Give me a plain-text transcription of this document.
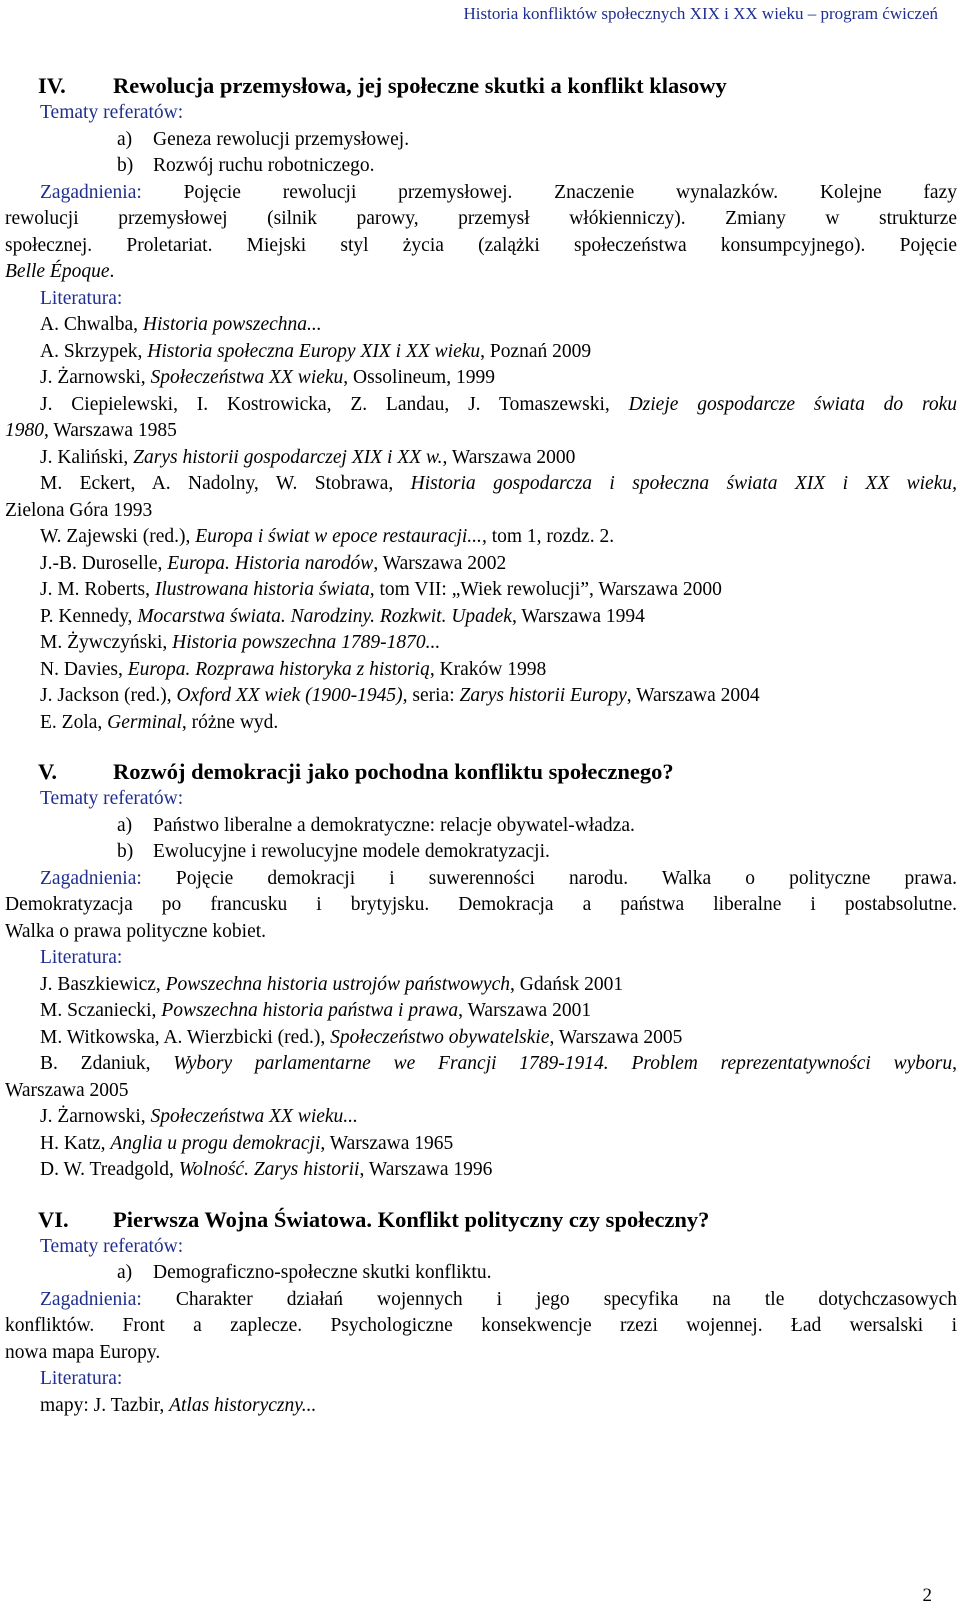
Historia konfliktów społecznych XIX i XX wieku – program ćwiczeń
IV. Rewolucja przemysłowa, jej społeczne skutki a konflikt klasowy
Tematy referatów:
a) Geneza rewolucji przemysłowej.
b) Rozwój ruchu robotniczego.
Zagadnienia: Pojęcie rewolucji przemysłowej. Znaczenie wynalazków. Kolejne fazy
rewolucji przemysłowej (silnik parowy, przemysł włókienniczy). Zmiany w strukturze
społecznej. Proletariat. Miejski styl życia (zalążki społeczeństwa konsumpcyjnego). Pojęcie
Belle Époque.
Literatura:
A. Chwalba, Historia powszechna...
A. Skrzypek, Historia społeczna Europy XIX i XX wieku, Poznań 2009
J. Żarnowski, Społeczeństwa XX wieku, Ossolineum, 1999
J. Ciepielewski, I. Kostrowicka, Z. Landau, J. Tomaszewski, Dzieje gospodarcze świata do roku
1980, Warszawa 1985
J. Kaliński, Zarys historii gospodarczej XIX i XX w., Warszawa 2000
M. Eckert, A. Nadolny, W. Stobrawa, Historia gospodarcza i społeczna świata XIX i XX wieku,
Zielona Góra 1993
W. Zajewski (red.), Europa i świat w epoce restauracji..., tom 1, rozdz. 2.
J.-B. Duroselle, Europa. Historia narodów, Warszawa 2002
J. M. Roberts, Ilustrowana historia świata, tom VII: „Wiek rewolucji”, Warszawa 2000
P. Kennedy, Mocarstwa świata. Narodziny. Rozkwit. Upadek, Warszawa 1994
M. Żywczyński, Historia powszechna 1789-1870...
N. Davies, Europa. Rozprawa historyka z historią, Kraków 1998
J. Jackson (red.), Oxford XX wiek (1900-1945), seria: Zarys historii Europy, Warszawa 2004
E. Zola, Germinal, różne wyd.
V. Rozwój demokracji jako pochodna konfliktu społecznego?
Tematy referatów:
a) Państwo liberalne a demokratyczne: relacje obywatel-władza.
b) Ewolucyjne i rewolucyjne modele demokratyzacji.
Zagadnienia: Pojęcie demokracji i suwerenności narodu. Walka o polityczne prawa.
Demokratyzacja po francusku i brytyjsku. Demokracja a państwa liberalne i postabsolutne.
Walka o prawa polityczne kobiet.
Literatura:
J. Baszkiewicz, Powszechna historia ustrojów państwowych, Gdańsk 2001
M. Sczaniecki, Powszechna historia państwa i prawa, Warszawa 2001
M. Witkowska, A. Wierzbicki (red.), Społeczeństwo obywatelskie, Warszawa 2005
B. Zdaniuk, Wybory parlamentarne we Francji 1789-1914. Problem reprezentatywności wyboru,
Warszawa 2005
J. Żarnowski, Społeczeństwa XX wieku...
H. Katz, Anglia u progu demokracji, Warszawa 1965
D. W. Treadgold, Wolność. Zarys historii, Warszawa 1996
VI. Pierwsza Wojna Światowa. Konflikt polityczny czy społeczny?
Tematy referatów:
a) Demograficzno-społeczne skutki konfliktu.
Zagadnienia: Charakter działań wojennych i jego specyfika na tle dotychczasowych
konfliktów. Front a zaplecze. Psychologiczne konsekwencje rzezi wojennej. Ład wersalski i
nowa mapa Europy.
Literatura:
mapy: J. Tazbir, Atlas historyczny...
2
